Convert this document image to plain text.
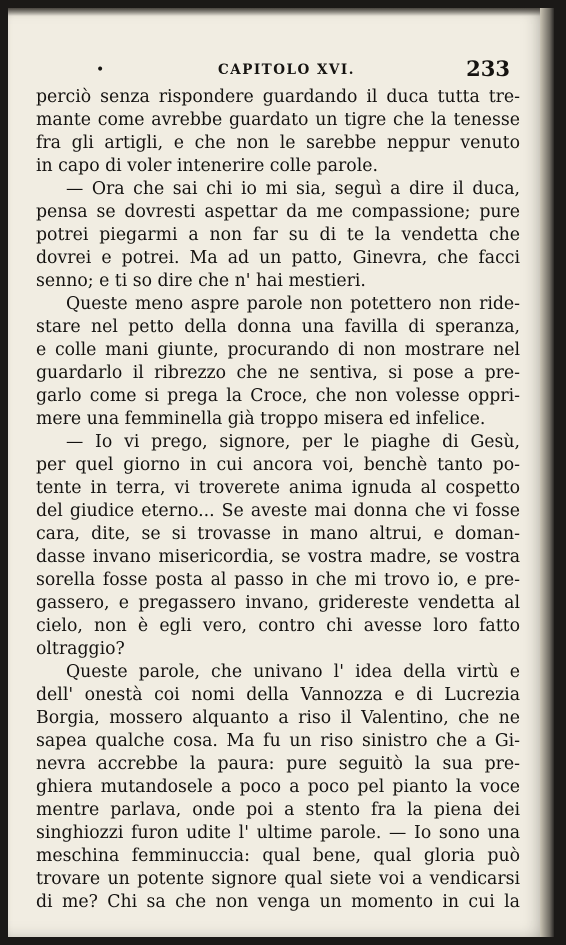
•	CAPITOLO XVI.	233
perciò senza rispondere guardando il duca tutta tre-
mante come avrebbe guardato un tigre che la tenesse
fra gli artigli, e che non le sarebbe neppur venuto
in capo di voler intenerire colle parole.
— Ora che sai chi io mi sia, seguì a dire il duca,
pensa se dovresti aspettar da me compassione; pure
potrei piegarmi a non far su di te la vendetta che
dovrei e potrei. Ma ad un patto, Ginevra, che facci
senno; e ti so dire che n' hai mestieri.
Queste meno aspre parole non potettero non ride-
stare nel petto della donna una favilla di speranza,
e colle mani giunte, procurando di non mostrare nel
guardarlo il ribrezzo che ne sentiva, si pose a pre-
garlo come si prega la Croce, che non volesse oppri-
mere una femminella già troppo misera ed infelice.
— Io vi prego, signore, per le piaghe di Gesù,
per quel giorno in cui ancora voi, benchè tanto po-
tente in terra, vi troverete anima ignuda al cospetto
del giudice eterno... Se aveste mai donna che vi fosse
cara, dite, se si trovasse in mano altrui, e doman-
dasse invano misericordia, se vostra madre, se vostra
sorella fosse posta al passo in che mi trovo io, e pre-
gassero, e pregassero invano, gridereste vendetta al
cielo, non è egli vero, contro chi avesse loro fatto
oltraggio?
Queste parole, che univano l' idea della virtù e
dell' onestà coi nomi della Vannozza e di Lucrezia
Borgia, mossero alquanto a riso il Valentino, che ne
sapea qualche cosa. Ma fu un riso sinistro che a Gi-
nevra accrebbe la paura: pure seguitò la sua pre-
ghiera mutandosele a poco a poco pel pianto la voce
mentre parlava, onde poi a stento fra la piena dei
singhiozzi furon udite l' ultime parole. — Io sono una
meschina femminuccia: qual bene, qual gloria può
trovare un potente signore qual siete voi a vendicarsi
di me? Chi sa che non venga un momento in cui la
